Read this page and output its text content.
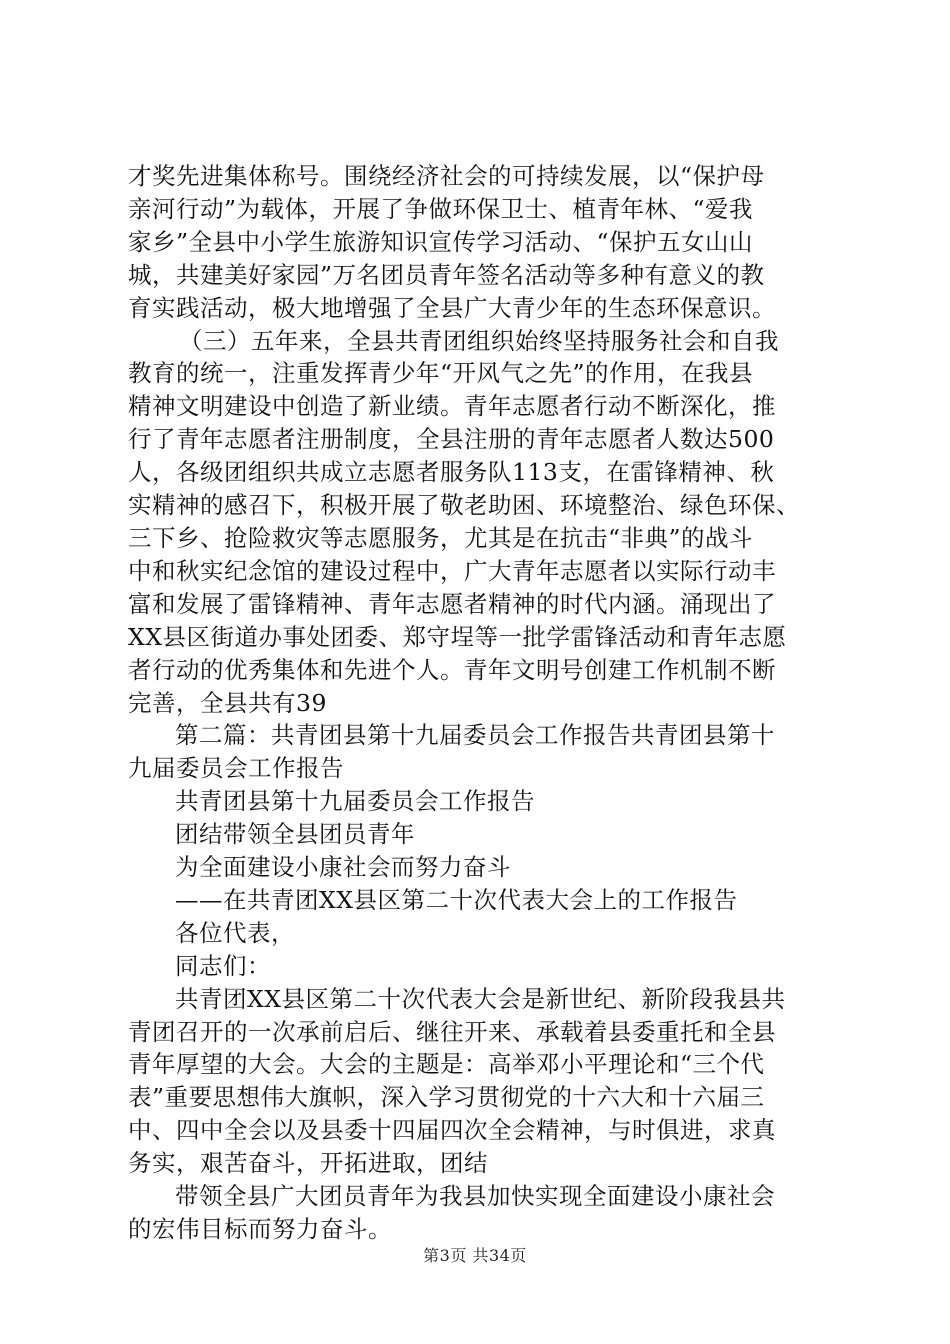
才奖先进集体称号。围绕经济社会的可持续发展，以“保护母
亲河行动”为载体，开展了争做环保卫士、植青年林、“爱我
家乡”全县中小学生旅游知识宣传学习活动、“保护五女山山
城，共建美好家园”万名团员青年签名活动等多种有意义的教
育实践活动，极大地增强了全县广大青少年的生态环保意识。
（三）五年来，全县共青团组织始终坚持服务社会和自我
教育的统一，注重发挥青少年“开风气之先”的作用，在我县
精神文明建设中创造了新业绩。青年志愿者行动不断深化，推
行了青年志愿者注册制度，全县注册的青年志愿者人数达500
人，各级团组织共成立志愿者服务队113支，在雷锋精神、秋
实精神的感召下，积极开展了敬老助困、环境整治、绿色环保、
三下乡、抢险救灾等志愿服务，尤其是在抗击“非典”的战斗
中和秋实纪念馆的建设过程中，广大青年志愿者以实际行动丰
富和发展了雷锋精神、青年志愿者精神的时代内涵。涌现出了
XX县区街道办事处团委、郑守埕等一批学雷锋活动和青年志愿
者行动的优秀集体和先进个人。青年文明号创建工作机制不断
完善，全县共有39
第二篇：共青团县第十九届委员会工作报告共青团县第十
九届委员会工作报告
共青团县第十九届委员会工作报告
团结带领全县团员青年
为全面建设小康社会而努力奋斗
——在共青团XX县区第二十次代表大会上的工作报告
各位代表，
同志们：
共青团XX县区第二十次代表大会是新世纪、新阶段我县共
青团召开的一次承前启后、继往开来、承载着县委重托和全县
青年厚望的大会。大会的主题是：高举邓小平理论和“三个代
表”重要思想伟大旗帜，深入学习贯彻党的十六大和十六届三
中、四中全会以及县委十四届四次全会精神，与时俱进，求真
务实，艰苦奋斗，开拓进取，团结
带领全县广大团员青年为我县加快实现全面建设小康社会
的宏伟目标而努力奋斗。
第3页 共34页
